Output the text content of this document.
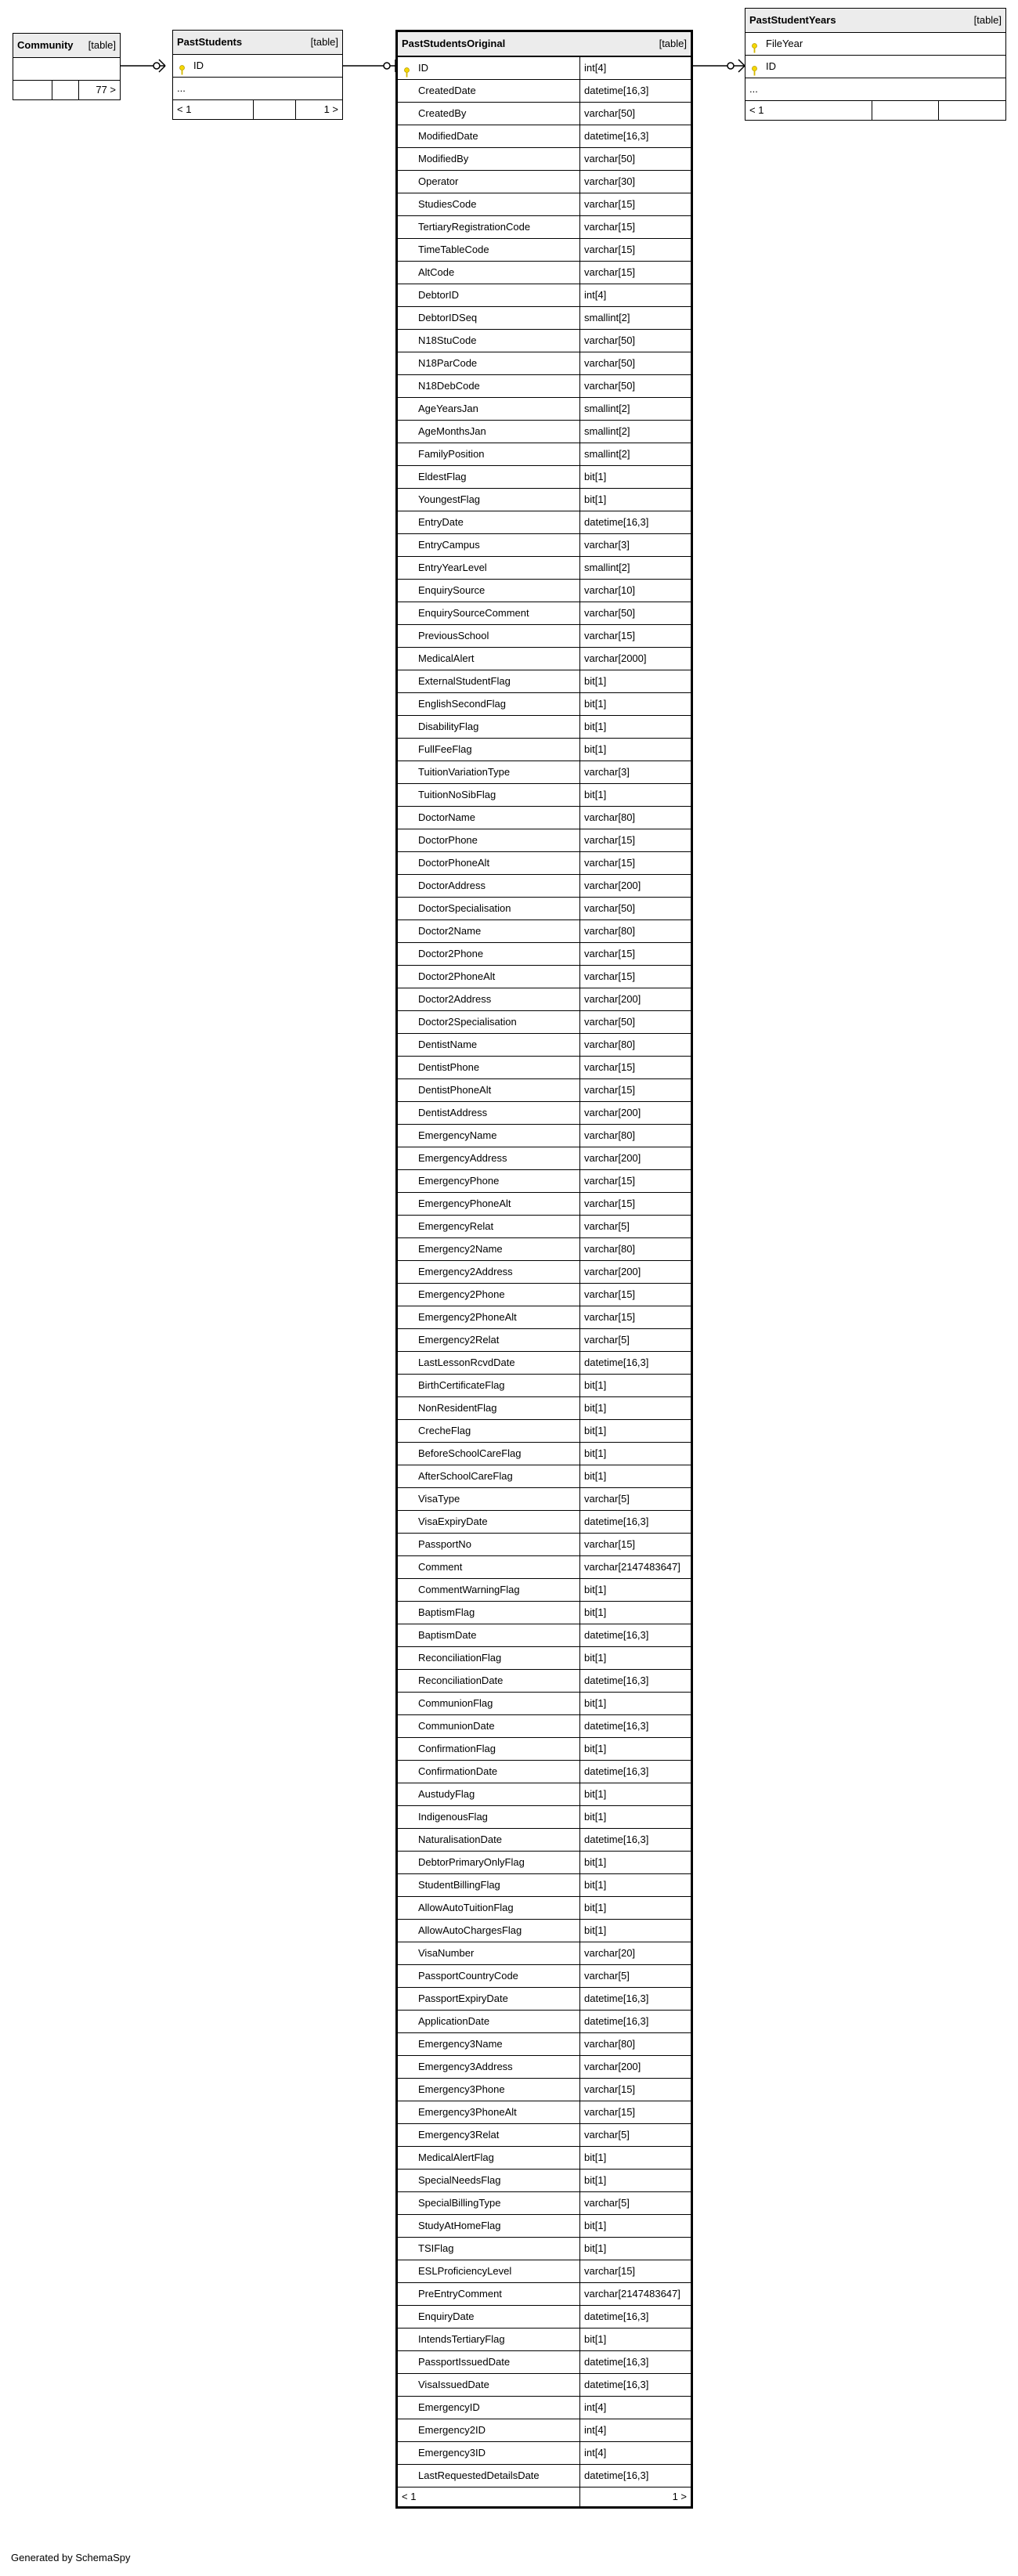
Community [table]

		77 >
PastStudents	[table]

ID
...
< 1		1 >
PastStudentsOriginal [table]	

ID	int[4]
CreatedDate	datetime[16,3]
CreatedBy	varchar[50]
ModifiedDate	datetime[16,3]
ModifiedBy	varchar[50]
Operator	varchar[30]
StudiesCode	varchar[15]
TertiaryRegistrationCode	varchar[15]
TimeTableCode	varchar[15]
AltCode	varchar[15]
DebtorID	int[4]
DebtorIDSeq	smallint[2]
N18StuCode	varchar[50]
N18ParCode	varchar[50]
N18DebCode	varchar[50]
AgeYearsJan	smallint[2]
AgeMonthsJan	smallint[2]
FamilyPosition	smallint[2]
EldestFlag	bit[1]
YoungestFlag	bit[1]
EntryDate	datetime[16,3]
EntryCampus	varchar[3]
EntryYearLevel	smallint[2]
EnquirySource	varchar[10]
EnquirySourceComment	varchar[50]
PreviousSchool	varchar[15]
MedicalAlert	varchar[2000]
ExternalStudentFlag	bit[1]
EnglishSecondFlag	bit[1]
DisabilityFlag	bit[1]
FullFeeFlag	bit[1]
TuitionVariationType	varchar[3]
TuitionNoSibFlag	bit[1]
DoctorName	varchar[80]
DoctorPhone	varchar[15]
DoctorPhoneAlt	varchar[15]
DoctorAddress	varchar[200]
DoctorSpecialisation	varchar[50]
Doctor2Name	varchar[80]
Doctor2Phone	varchar[15]
Doctor2PhoneAlt	varchar[15]
Doctor2Address	varchar[200]
Doctor2Specialisation	varchar[50]
DentistName	varchar[80]
DentistPhone	varchar[15]
DentistPhoneAlt	varchar[15]
DentistAddress	varchar[200]
EmergencyName	varchar[80]
EmergencyAddress	varchar[200]
EmergencyPhone	varchar[15]
EmergencyPhoneAlt	varchar[15]
EmergencyRelat	varchar[5]
Emergency2Name	varchar[80]
Emergency2Address	varchar[200]
Emergency2Phone	varchar[15]
Emergency2PhoneAlt	varchar[15]
Emergency2Relat	varchar[5]
LastLessonRcvdDate	datetime[16,3]
BirthCertificateFlag	bit[1]
NonResidentFlag	bit[1]
CrecheFlag	bit[1]
BeforeSchoolCareFlag	bit[1]
AfterSchoolCareFlag	bit[1]
VisaType	varchar[5]
VisaExpiryDate	datetime[16,3]
PassportNo	varchar[15]
Comment	varchar[2147483647]
CommentWarningFlag	bit[1]
BaptismFlag	bit[1]
BaptismDate	datetime[16,3]
ReconciliationFlag	bit[1]
ReconciliationDate	datetime[16,3]
CommunionFlag	bit[1]
CommunionDate	datetime[16,3]
ConfirmationFlag	bit[1]
ConfirmationDate	datetime[16,3]
AustudyFlag	bit[1]
IndigenousFlag	bit[1]
NaturalisationDate	datetime[16,3]
DebtorPrimaryOnlyFlag	bit[1]
StudentBillingFlag	bit[1]
AllowAutoTuitionFlag	bit[1]
AllowAutoChargesFlag	bit[1]
VisaNumber	varchar[20]
PassportCountryCode	varchar[5]
PassportExpiryDate	datetime[16,3]
ApplicationDate	datetime[16,3]
Emergency3Name	varchar[80]
Emergency3Address	varchar[200]
Emergency3Phone	varchar[15]
Emergency3PhoneAlt	varchar[15]
Emergency3Relat	varchar[5]
MedicalAlertFlag	bit[1]
SpecialNeedsFlag	bit[1]
SpecialBillingType	varchar[5]
StudyAtHomeFlag	bit[1]
TSIFlag	bit[1]
ESLProficiencyLevel	varchar[15]
PreEntryComment	varchar[2147483647]
EnquiryDate	datetime[16,3]
IntendsTertiaryFlag	bit[1]
PassportIssuedDate	datetime[16,3]
VisaIssuedDate	datetime[16,3]
EmergencyID	int[4]
Emergency2ID	int[4]
Emergency3ID	int[4]
LastRequestedDetailsDate	datetime[16,3]
< 1	1 >
PastStudentYears	[table]

FileYear
ID
...
< 1		
Generated by SchemaSpy
